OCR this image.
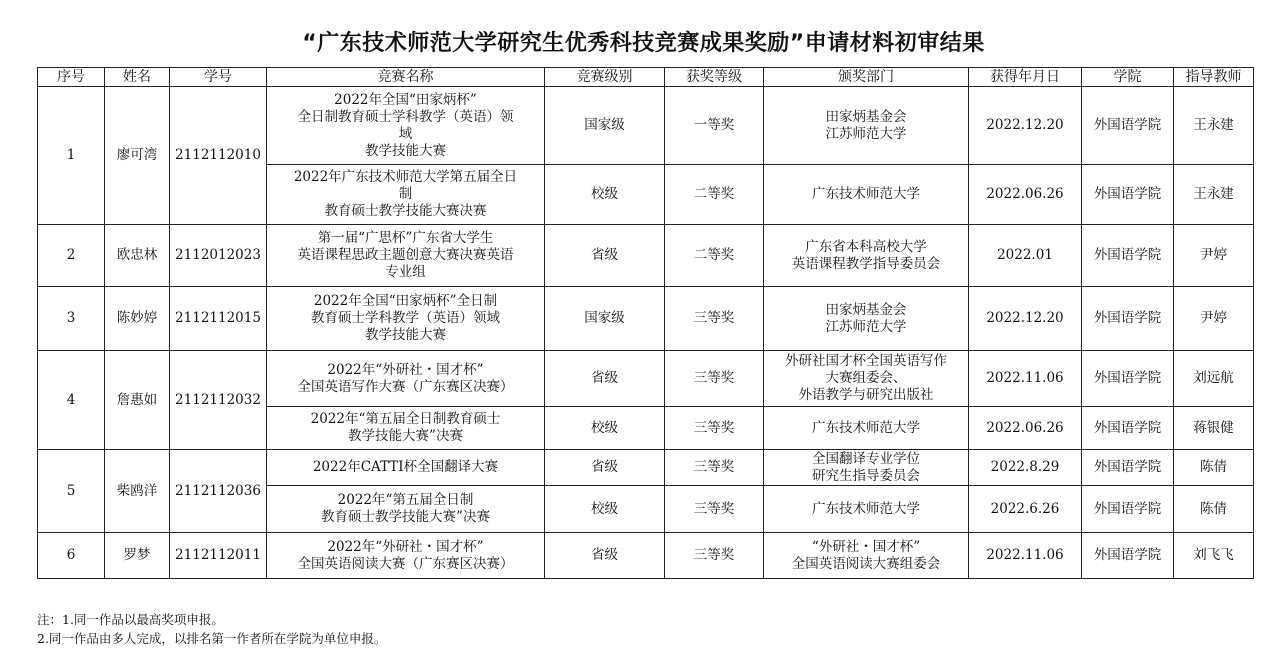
“广东技术师范大学研究生优秀科技竞赛成果奖励”申请材料初审结果
序号	姓名	学号	竞赛名称	竞赛级别	获奖等级	颁奖部门	获得年月日	学院	指导教师
1	廖可湾	2112112010	2022年全国“田家炳杯”
全日制教育硕士学科教学（英语）领
域
教学技能大赛	国家级	一等奖	田家炳基金会
江苏师范大学	2022.12.20	外国语学院	王永建

			2022年广东技术师范大学第五届全日
制
教育硕士教学技能大赛决赛	校级	二等奖	广东技术师范大学	2022.06.26	外国语学院	王永建
2	欧忠林	2112012023	第一届“广思杯”广东省大学生
英语课程思政主题创意大赛决赛英语
专业组	省级	二等奖	广东省本科高校大学
英语课程教学指导委员会	2022.01	外国语学院	尹婷
3	陈妙婷	2112112015	2022年全国“田家炳杯”全日制
教育硕士学科教学（英语）领域
教学技能大赛	国家级	三等奖	田家炳基金会
江苏师范大学	2022.12.20	外国语学院	尹婷
4	詹惠如	2112112032	2022年“外研社・国才杯”
全国英语写作大赛（广东赛区决赛）	省级	三等奖	外研社国才杯全国英语写作
大赛组委会、
外语教学与研究出版社	2022.11.06	外国语学院	刘远航

			2022年“第五届全日制教育硕士
教学技能大赛”决赛	校级	三等奖	广东技术师范大学	2022.06.26	外国语学院	蒋银健
5	柴鸥洋	2112112036	2022年CATTI杯全国翻译大赛	省级	三等奖	全国翻译专业学位
研究生指导委员会	2022.8.29	外国语学院	陈倩

			2022年“第五届全日制
教育硕士教学技能大赛”决赛	校级	三等奖	广东技术师范大学	2022.6.26	外国语学院	陈倩
6	罗梦	2112112011	2022年“外研社・国才杯”
全国英语阅读大赛（广东赛区决赛）	省级	三等奖	“外研社・国才杯”
全国英语阅读大赛组委会	2022.11.06	外国语学院	刘飞飞
注：1.同一作品以最高奖项申报。
2.同一作品由多人完成，以排名第一作者所在学院为单位申报。
